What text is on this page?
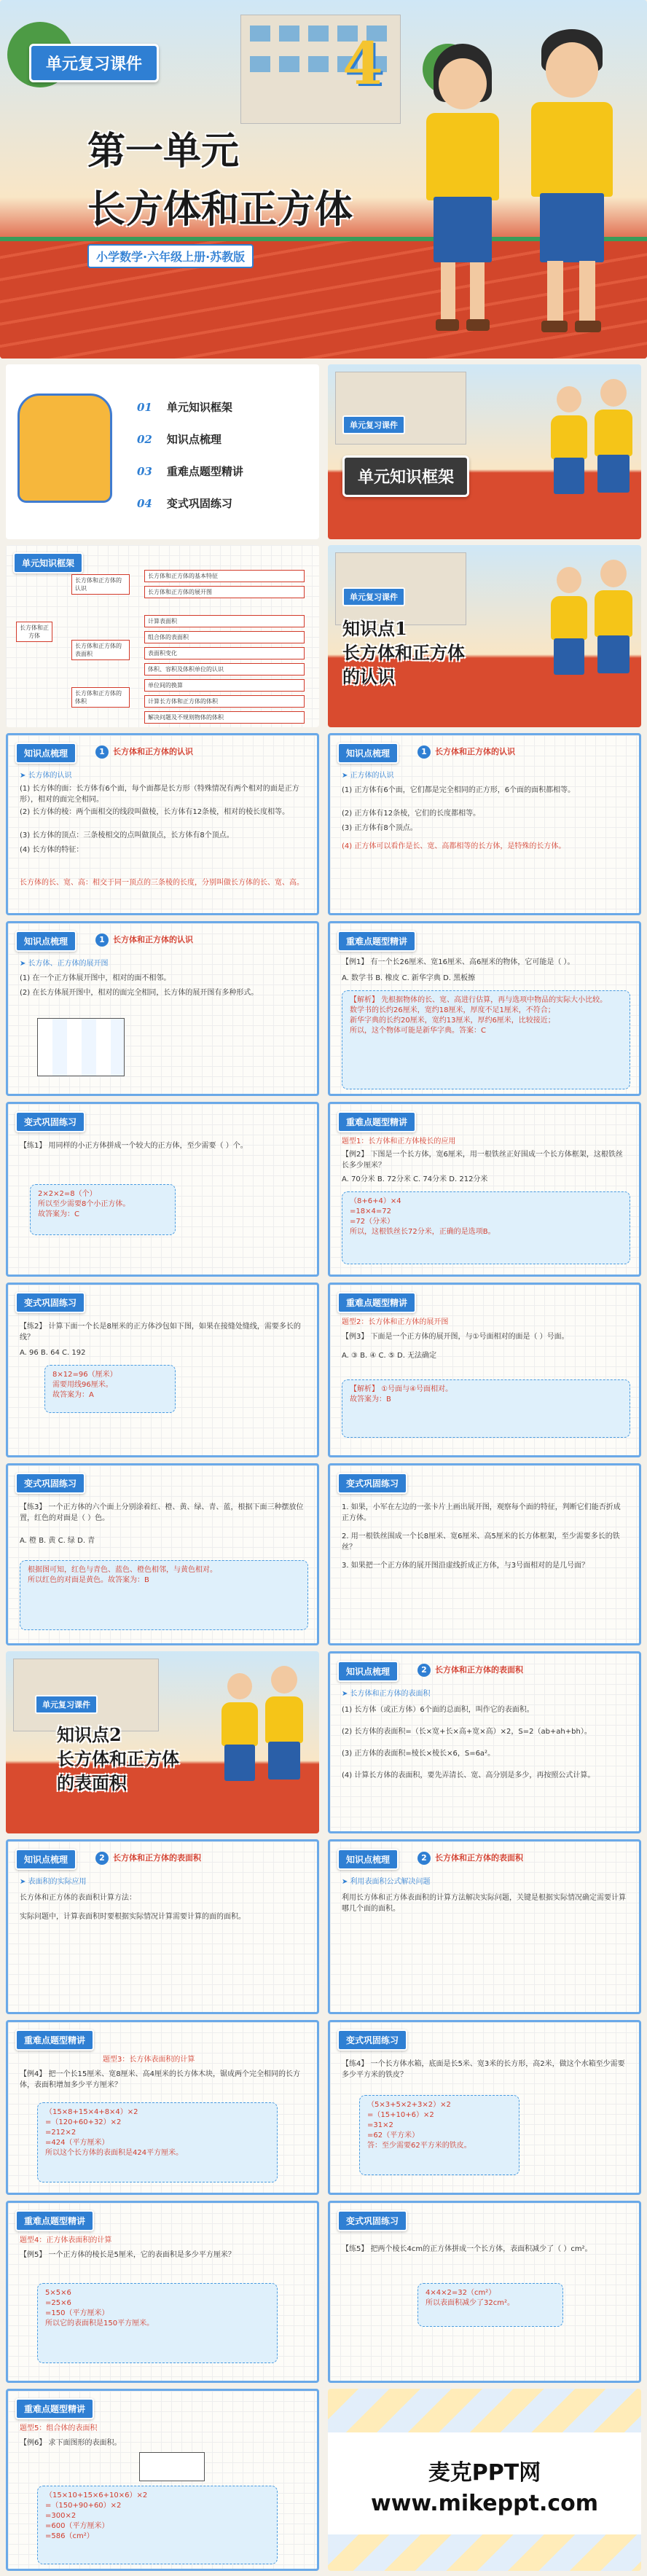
单元复习课件	4
第一单元
长方体和正方体
小学数学·六年级上册·苏教版
01 单元知识框架
02 知识点梳理
03 重难点题型精讲
04 变式巩固练习
单元复习课件
单元知识框架
单元知识框架
长方体和正方体
长方体和正方体的认识
长方体和正方体的表面积
长方体和正方体的体积
长方体和正方体的基本特征
长方体和正方体的展开图
计算表面积
组合体的表面积
表面积变化
体积、容积及体积单位的认识
单位间的换算
计算长方体和正方体的体积
解决问题及不规则物体的体积
单元复习课件
知识点1
长方体和正方体
的认识
知识点梳理	1 长方体和正方体的认识
➤ 长方体的认识
(1) 长方体的面：长方体有6个面，每个面都是长方形（特殊情况有两个相对的面是正方形），相对的面完全相同。
(2) 长方体的棱：两个面相交的线段叫做棱，长方体有12条棱，相对的棱长度相等。
(3) 长方体的顶点：三条棱相交的点叫做顶点，长方体有8个顶点。
(4) 长方体的特征：
长方体的长、宽、高：相交于同一顶点的三条棱的长度，分别叫做长方体的长、宽、高。
知识点梳理	1 长方体和正方体的认识
➤ 正方体的认识
(1) 正方体有6个面，它们都是完全相同的正方形，6个面的面积都相等。
(2) 正方体有12条棱，它们的长度都相等。
(3) 正方体有8个顶点。
(4) 正方体可以看作是长、宽、高都相等的长方体，是特殊的长方体。
知识点梳理	1 长方体和正方体的认识
➤ 长方体、正方体的展开图
(1) 在一个正方体展开图中，相对的面不相邻。
(2) 在长方体展开图中，相对的面完全相同，长方体的展开图有多种形式。
重难点题型精讲
【例1】 有一个长26厘米、宽16厘米、高6厘米的物体，它可能是（ ）。
A. 数学书 B. 橡皮 C. 新华字典 D. 黑板擦
【解析】 先根据物体的长、宽、高进行估算，再与选项中物品的实际大小比较。
数学书的长约26厘米，宽约18厘米，厚度不足1厘米，不符合；
新华字典的长约20厘米，宽约13厘米，厚约6厘米，比较接近；
所以，这个物体可能是新华字典。答案：C
变式巩固练习
【练1】 用同样的小正方体拼成一个较大的正方体，至少需要（ ）个。
2×2×2=8（个）
所以至少需要8个小正方体。
故答案为：C
重难点题型精讲
题型1：长方体和正方体棱长的应用
【例2】 下图是一个长方体，宽6厘米，用一根铁丝正好围成一个长方体框架，这根铁丝长多少厘米？
A. 70分米 B. 72分米 C. 74分米 D. 212分米
（8+6+4）×4
=18×4=72
=72（分米）
所以，这根铁丝长72分米，正确的是选项B。
变式巩固练习
【练2】 计算下面一个长是8厘米的正方体沙包如下图，如果在接缝处缝线，需要多长的线？
A. 96 B. 64 C. 192
8×12=96（厘米）
需要用线96厘米。
故答案为：A
重难点题型精讲
题型2：长方体和正方体的展开图
【例3】 下面是一个正方体的展开图，与①号面相对的面是（ ）号面。
A. ③ B. ④ C. ⑤ D. 无法确定
【解析】 ①号面与④号面相对。
故答案为：B
变式巩固练习
【练3】 一个正方体的六个面上分别涂着红、橙、黄、绿、青、蓝，根据下面三种摆放位置，红色的对面是（ ）色。
A. 橙 B. 黄 C. 绿 D. 青
根据图可知，红色与青色、蓝色、橙色相邻，与黄色相对。
所以红色的对面是黄色。故答案为：B
变式巩固练习
1. 如果，小军在左边的一张卡片上画出展开图，观察每个面的特征，判断它们能否折成正方体。
2. 用一根铁丝围成一个长8厘米、宽6厘米、高5厘米的长方体框架，至少需要多长的铁丝？
3. 如果把一个正方体的展开图沿虚线折成正方体，与3号面相对的是几号面？
单元复习课件
知识点2
长方体和正方体
的表面积
知识点梳理	2 长方体和正方体的表面积
➤ 长方体和正方体的表面积
(1) 长方体（或正方体）6个面的总面积，叫作它的表面积。
(2) 长方体的表面积=（长×宽+长×高+宽×高）×2，S=2（ab+ah+bh）。
(3) 正方体的表面积=棱长×棱长×6，S=6a²。
(4) 计算长方体的表面积，要先弄清长、宽、高分别是多少，再按照公式计算。
知识点梳理	2 长方体和正方体的表面积
➤ 表面积的实际应用
长方体和正方体的表面积计算方法：
实际问题中，计算表面积时要根据实际情况计算需要计算的面的面积。
知识点梳理	2 长方体和正方体的表面积
➤ 利用表面积公式解决问题
利用长方体和正方体表面积的计算方法解决实际问题，关键是根据实际情况确定需要计算哪几个面的面积。
重难点题型精讲
题型3：长方体表面积的计算
【例4】 把一个长15厘米、宽8厘米、高4厘米的长方体木块，锯成两个完全相同的长方体，表面积增加多少平方厘米？
（15×8+15×4+8×4）×2
=（120+60+32）×2
=212×2
=424（平方厘米）
所以这个长方体的表面积是424平方厘米。
变式巩固练习
【练4】 一个长方体水箱，底面是长5米、宽3米的长方形，高2米，做这个水箱至少需要多少平方米的铁皮？
（5×3+5×2+3×2）×2
=（15+10+6）×2
=31×2
=62（平方米）
答：至少需要62平方米的铁皮。
重难点题型精讲
题型4：正方体表面积的计算
【例5】 一个正方体的棱长是5厘米，它的表面积是多少平方厘米？
5×5×6
=25×6
=150（平方厘米）
所以它的表面积是150平方厘米。
变式巩固练习
【练5】 把两个棱长4cm的正方体拼成一个长方体，表面积减少了（ ）cm²。
4×4×2=32（cm²）
所以表面积减少了32cm²。
重难点题型精讲
题型5：组合体的表面积
【例6】 求下面图形的表面积。
（15×10+15×6+10×6）×2
=（150+90+60）×2
=300×2
=600（平方厘米）
=586（cm²）
麦克PPT网
www.mikeppt.com
